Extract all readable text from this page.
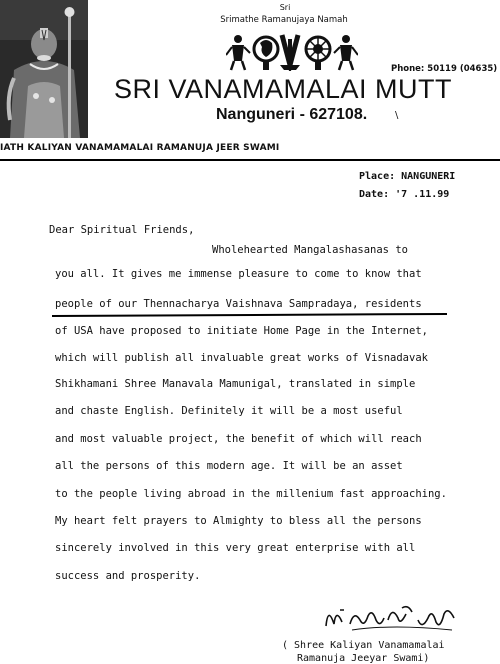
Sri
Srimathe Ramanujaya Namah
Phone: 50119 (04635)
SRI VANAMAMALAI MUTT
Nanguneri - 627108.	\
IATH KALIYAN VANAMAMALAI RAMANUJA JEER SWAMI
Place: NANGUNERI
Date: '7 .11.99
Dear Spiritual Friends,
Wholehearted Mangalashasanas to
you all. It gives me immense pleasure to come to know that
people of our Thennacharya Vaishnava Sampradaya, residents
of USA have proposed to initiate Home Page in the Internet,
which will publish all invaluable great works of Visnadavak
Shikhamani Shree Manavala Mamunigal, translated in simple
and chaste English. Definitely it will be a most useful
and most valuable project, the benefit of which will reach
all the persons of this modern age. It will be an asset
to the people living abroad in the millenium fast approaching.
My heart felt prayers to Almighty to bless all the persons
sincerely involved in this very great enterprise with all
success and prosperity.
( Shree Kaliyan Vanamamalai
Ramanuja Jeeyar Swami)
